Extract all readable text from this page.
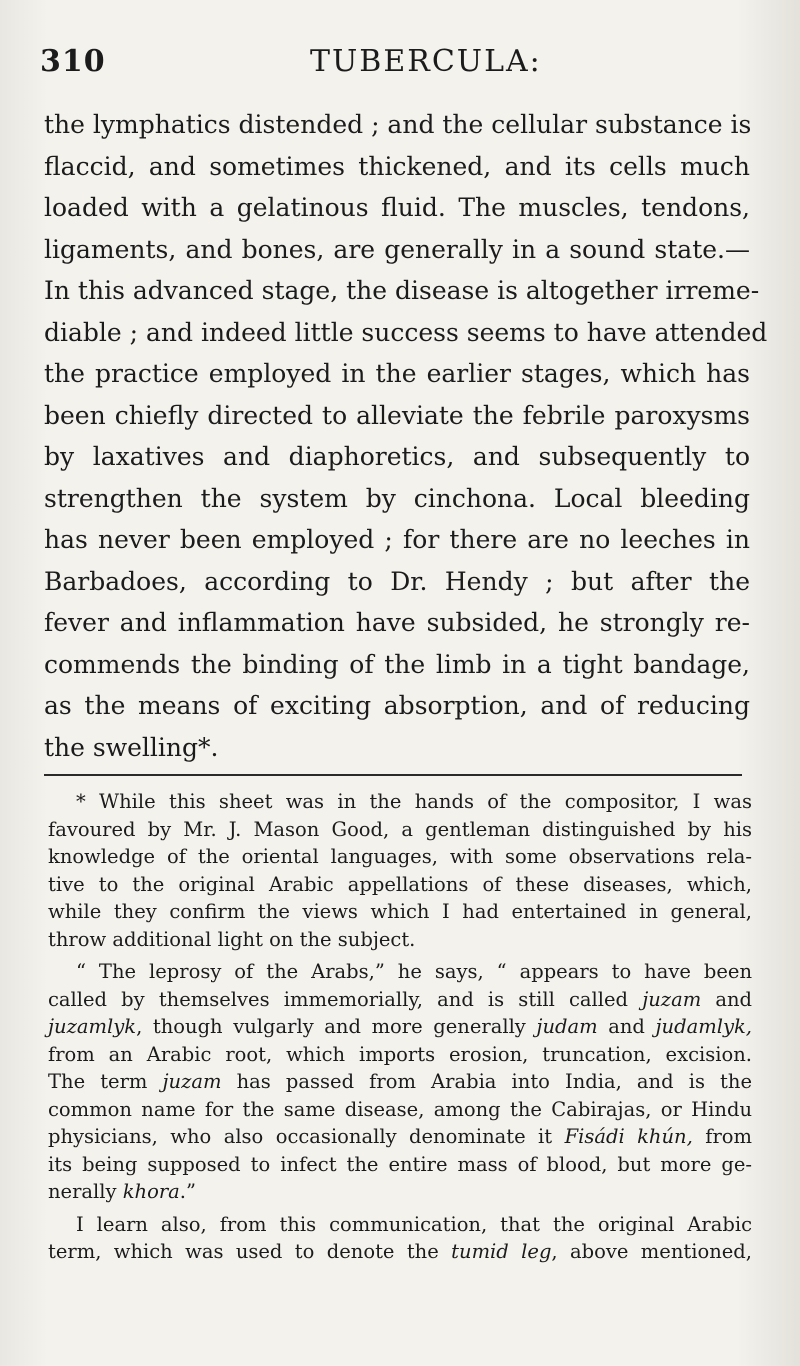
310	TUBERCULA:
the lymphatics distended ; and the cellular substance is
flaccid, and sometimes thickened, and its cells much
loaded with a gelatinous fluid. The muscles, tendons,
ligaments, and bones, are generally in a sound state.—
In this advanced stage, the disease is altogether irreme-
diable ; and indeed little success seems to have attended
the practice employed in the earlier stages, which has
been chiefly directed to alleviate the febrile paroxysms
by laxatives and diaphoretics, and subsequently to
strengthen the system by cinchona. Local bleeding
has never been employed ; for there are no leeches in
Barbadoes, according to Dr. Hendy ; but after the
fever and inflammation have subsided, he strongly re-
commends the binding of the limb in a tight bandage,
as the means of exciting absorption, and of reducing
the swelling*.
* While this sheet was in the hands of the compositor, I was
favoured by Mr. J. Mason Good, a gentleman distinguished by his
knowledge of the oriental languages, with some observations rela-
tive to the original Arabic appellations of these diseases, which,
while they confirm the views which I had entertained in general,
throw additional light on the subject.
“ The leprosy of the Arabs,” he says, “ appears to have been
called by themselves immemorially, and is still called juzam and
juzamlyk, though vulgarly and more generally judam and judamlyk,
from an Arabic root, which imports erosion, truncation, excision.
The term juzam has passed from Arabia into India, and is the
common name for the same disease, among the Cabirajas, or Hindu
physicians, who also occasionally denominate it Fisádi khún, from
its being supposed to infect the entire mass of blood, but more ge-
nerally khora.”
I learn also, from this communication, that the original Arabic
term, which was used to denote the tumid leg, above mentioned,
